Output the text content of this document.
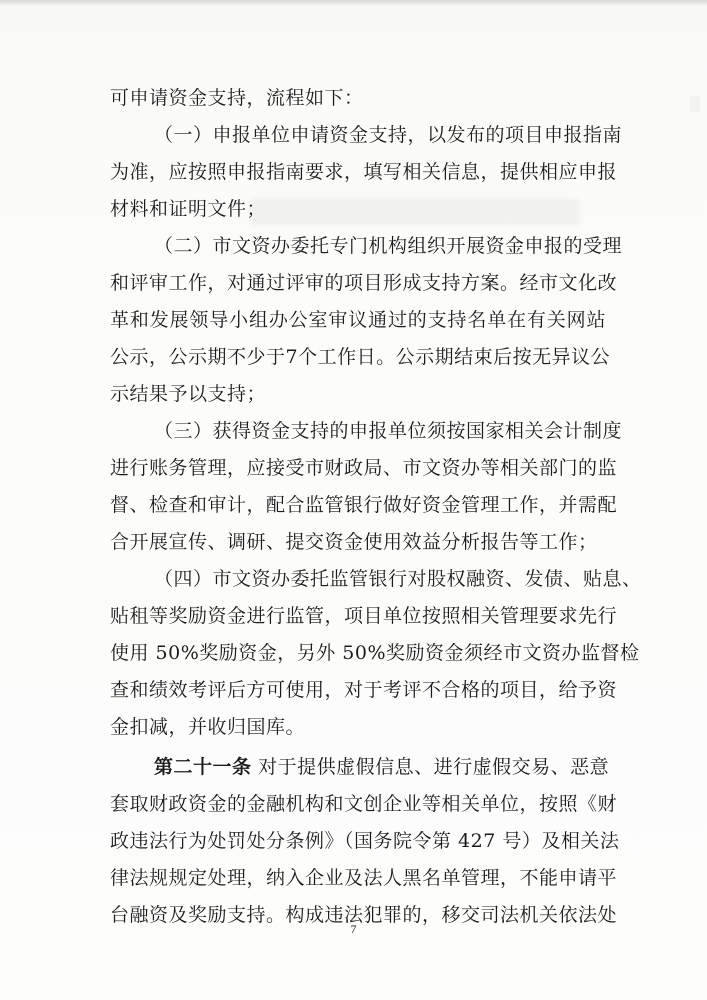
可申请资金支持，流程如下：
（一）申报单位申请资金支持，以发布的项目申报指南
为准，应按照申报指南要求，填写相关信息，提供相应申报
材料和证明文件；
（二）市文资办委托专门机构组织开展资金申报的受理
和评审工作，对通过评审的项目形成支持方案。经市文化改
革和发展领导小组办公室审议通过的支持名单在有关网站
公示，公示期不少于7个工作日。公示期结束后按无异议公
示结果予以支持；
（三）获得资金支持的申报单位须按国家相关会计制度
进行账务管理，应接受市财政局、市文资办等相关部门的监
督、检查和审计，配合监管银行做好资金管理工作，并需配
合开展宣传、调研、提交资金使用效益分析报告等工作；
（四）市文资办委托监管银行对股权融资、发债、贴息、
贴租等奖励资金进行监管，项目单位按照相关管理要求先行
使用 50%奖励资金，另外 50%奖励资金须经市文资办监督检
查和绩效考评后方可使用，对于考评不合格的项目，给予资
金扣减，并收归国库。
第二十一条 对于提供虚假信息、进行虚假交易、恶意
套取财政资金的金融机构和文创企业等相关单位，按照《财
政违法行为处罚处分条例》（国务院令第 427 号）及相关法
律法规规定处理，纳入企业及法人黑名单管理，不能申请平
台融资及奖励支持。构成违法犯罪的，移交司法机关依法处
7
